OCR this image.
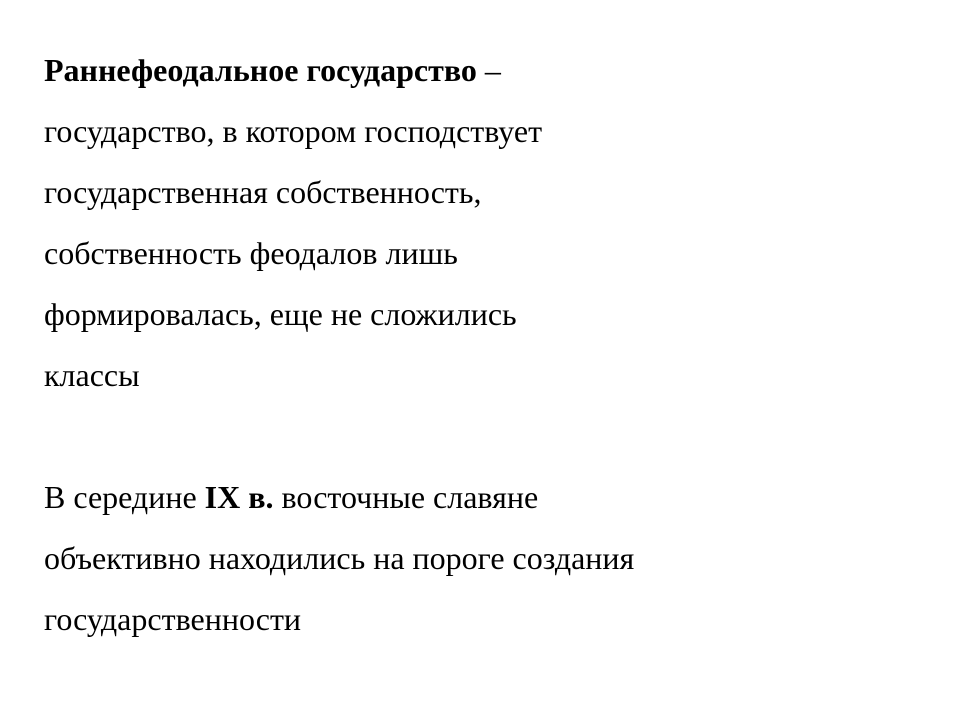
Раннефеодальное государство –
государство, в котором господствует
государственная собственность,
собственность феодалов лишь
формировалась, еще не сложились
классы
В середине IX в. восточные славяне
объективно находились на пороге создания
государственности
